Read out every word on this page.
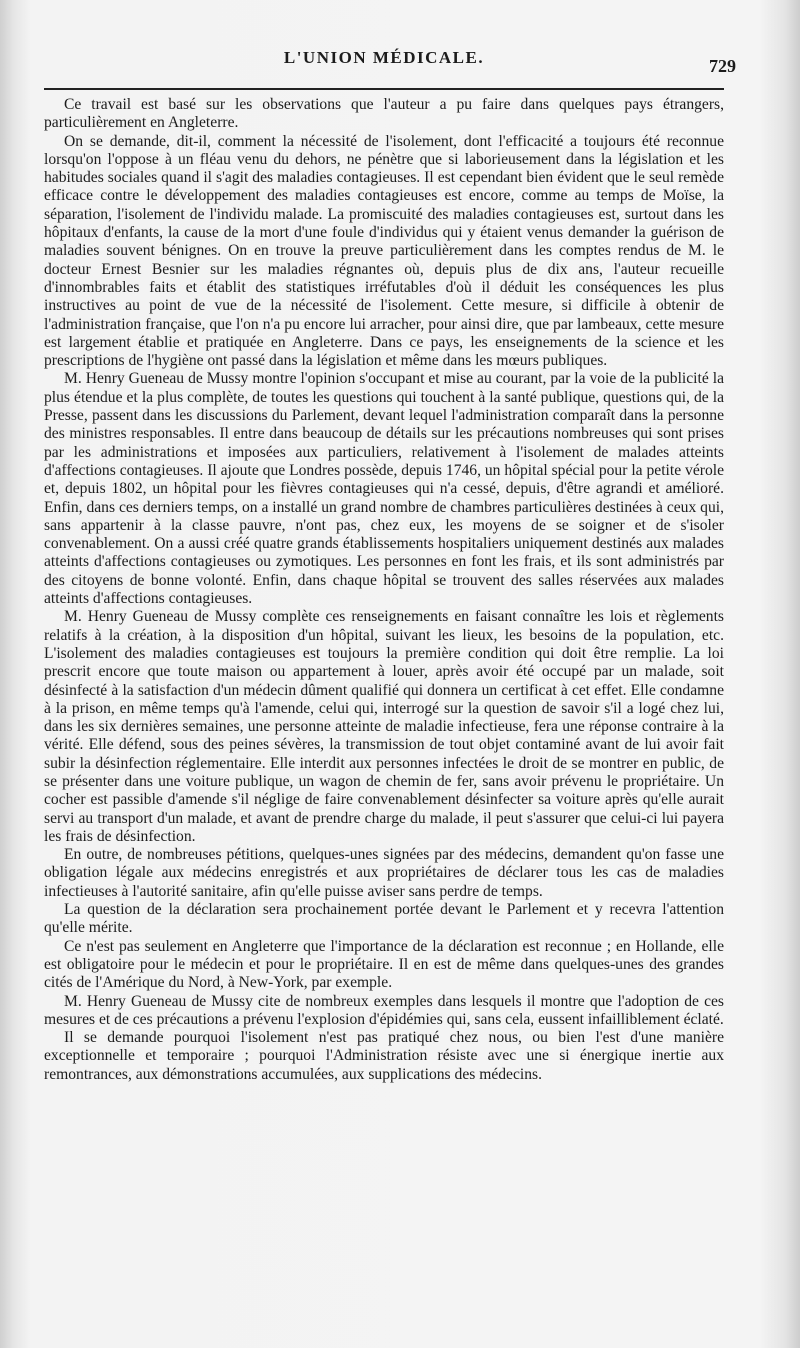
L'UNION MÉDICALE.	729

Ce travail est basé sur les observations que l'auteur a pu faire dans quelques pays étrangers, particulièrement en Angleterre.

On se demande, dit-il, comment la nécessité de l'isolement, dont l'efficacité a toujours été reconnue lorsqu'on l'oppose à un fléau venu du dehors, ne pénètre que si laborieusement dans la législation et les habitudes sociales quand il s'agit des maladies contagieuses. Il est cependant bien évident que le seul remède efficace contre le développement des maladies contagieuses est encore, comme au temps de Moïse, la séparation, l'isolement de l'individu malade. La promiscuité des maladies contagieuses est, surtout dans les hôpitaux d'enfants, la cause de la mort d'une foule d'individus qui y étaient venus demander la guérison de maladies souvent bénignes. On en trouve la preuve particulièrement dans les comptes rendus de M. le docteur Ernest Besnier sur les maladies régnantes où, depuis plus de dix ans, l'auteur recueille d'innombrables faits et établit des statistiques irréfutables d'où il déduit les conséquences les plus instructives au point de vue de la nécessité de l'isolement. Cette mesure, si difficile à obtenir de l'administration française, que l'on n'a pu encore lui arracher, pour ainsi dire, que par lambeaux, cette mesure est largement établie et pratiquée en Angleterre. Dans ce pays, les enseignements de la science et les prescriptions de l'hygiène ont passé dans la législation et même dans les mœurs publiques.

M. Henry Gueneau de Mussy montre l'opinion s'occupant et mise au courant, par la voie de la publicité la plus étendue et la plus complète, de toutes les questions qui touchent à la santé publique, questions qui, de la Presse, passent dans les discussions du Parlement, devant lequel l'administration comparaît dans la personne des ministres responsables. Il entre dans beaucoup de détails sur les précautions nombreuses qui sont prises par les administrations et imposées aux particuliers, relativement à l'isolement de malades atteints d'affections contagieuses. Il ajoute que Londres possède, depuis 1746, un hôpital spécial pour la petite vérole et, depuis 1802, un hôpital pour les fièvres contagieuses qui n'a cessé, depuis, d'être agrandi et amélioré. Enfin, dans ces derniers temps, on a installé un grand nombre de chambres particulières destinées à ceux qui, sans appartenir à la classe pauvre, n'ont pas, chez eux, les moyens de se soigner et de s'isoler convenablement. On a aussi créé quatre grands établissements hospitaliers uniquement destinés aux malades atteints d'affections contagieuses ou zymotiques. Les personnes en font les frais, et ils sont administrés par des citoyens de bonne volonté. Enfin, dans chaque hôpital se trouvent des salles réservées aux malades atteints d'affections contagieuses.

M. Henry Gueneau de Mussy complète ces renseignements en faisant connaître les lois et règlements relatifs à la création, à la disposition d'un hôpital, suivant les lieux, les besoins de la population, etc. L'isolement des maladies contagieuses est toujours la première condition qui doit être remplie. La loi prescrit encore que toute maison ou appartement à louer, après avoir été occupé par un malade, soit désinfecté à la satisfaction d'un médecin dûment qualifié qui donnera un certificat à cet effet. Elle condamne à la prison, en même temps qu'à l'amende, celui qui, interrogé sur la question de savoir s'il a logé chez lui, dans les six dernières semaines, une personne atteinte de maladie infectieuse, fera une réponse contraire à la vérité. Elle défend, sous des peines sévères, la transmission de tout objet contaminé avant de lui avoir fait subir la désinfection réglementaire. Elle interdit aux personnes infectées le droit de se montrer en public, de se présenter dans une voiture publique, un wagon de chemin de fer, sans avoir prévenu le propriétaire. Un cocher est passible d'amende s'il néglige de faire convenablement désinfecter sa voiture après qu'elle aurait servi au transport d'un malade, et avant de prendre charge du malade, il peut s'assurer que celui-ci lui payera les frais de désinfection.

En outre, de nombreuses pétitions, quelques-unes signées par des médecins, demandent qu'on fasse une obligation légale aux médecins enregistrés et aux propriétaires de déclarer tous les cas de maladies infectieuses à l'autorité sanitaire, afin qu'elle puisse aviser sans perdre de temps.

La question de la déclaration sera prochainement portée devant le Parlement et y recevra l'attention qu'elle mérite.

Ce n'est pas seulement en Angleterre que l'importance de la déclaration est reconnue ; en Hollande, elle est obligatoire pour le médecin et pour le propriétaire. Il en est de même dans quelques-unes des grandes cités de l'Amérique du Nord, à New-York, par exemple.

M. Henry Gueneau de Mussy cite de nombreux exemples dans lesquels il montre que l'adoption de ces mesures et de ces précautions a prévenu l'explosion d'épidémies qui, sans cela, eussent infailliblement éclaté.

Il se demande pourquoi l'isolement n'est pas pratiqué chez nous, ou bien l'est d'une manière exceptionnelle et temporaire ; pourquoi l'Administration résiste avec une si énergique inertie aux remontrances, aux démonstrations accumulées, aux supplications des médecins.
